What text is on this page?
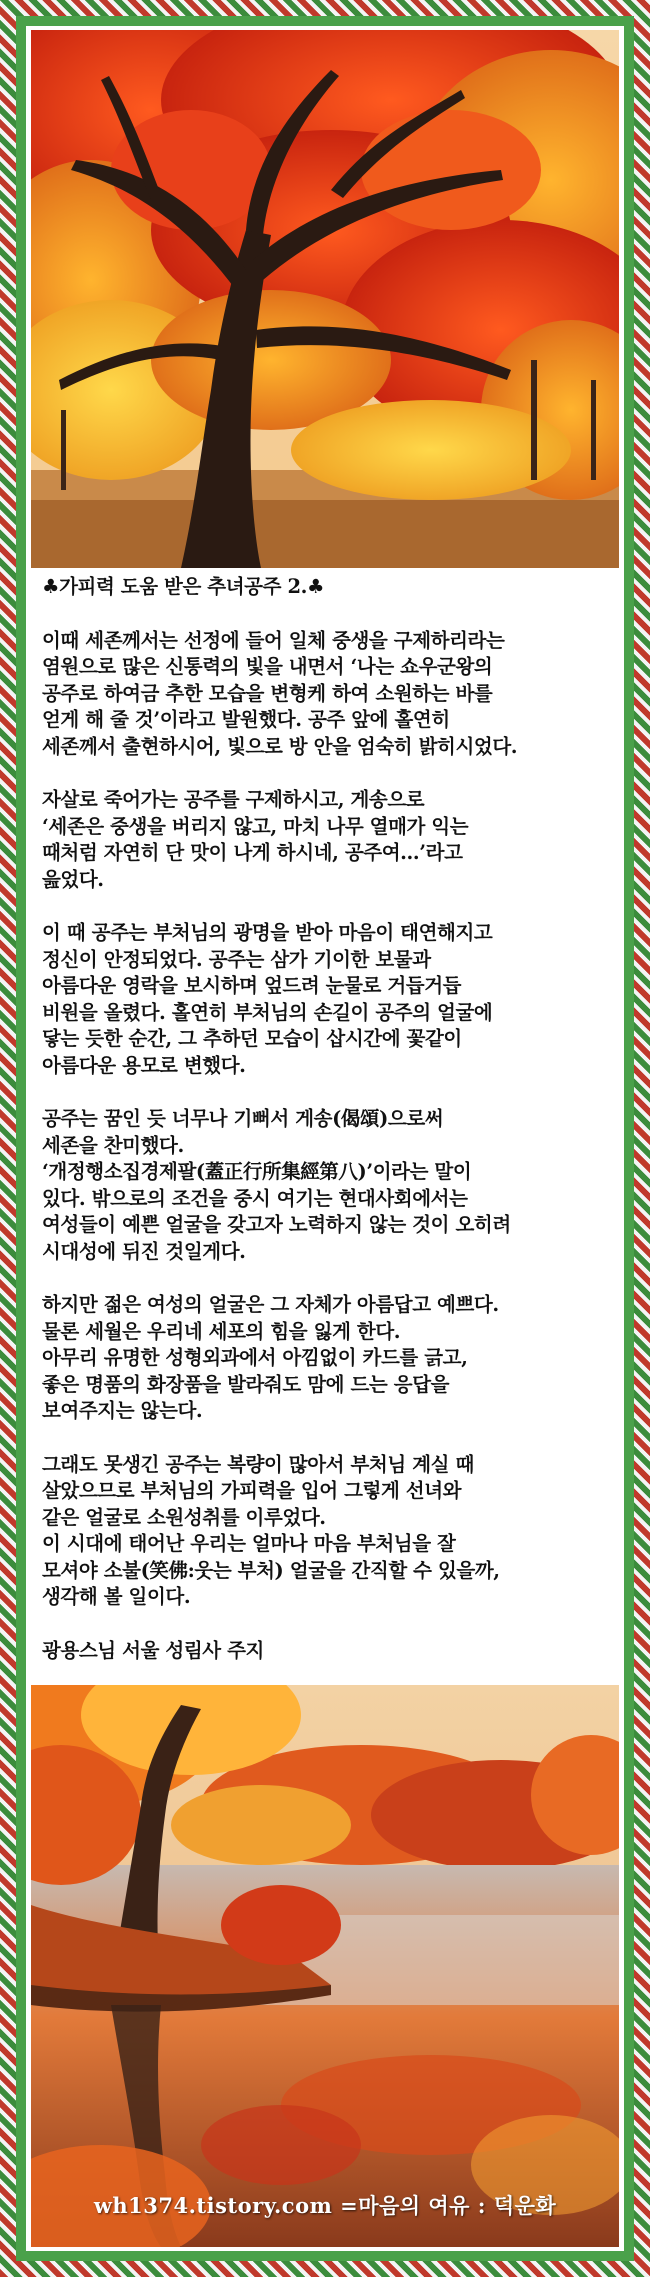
♣가피력 도움 받은 추녀공주 2.♣

이때 세존께서는 선정에 들어 일체 중생을 구제하리라는
염원으로 많은 신통력의 빛을 내면서 ‘나는 쇼우군왕의
공주로 하여금 추한 모습을 변형케 하여 소원하는 바를
얻게 해 줄 것’이라고 발원했다. 공주 앞에 홀연히
세존께서 출현하시어, 빛으로 방 안을 엄숙히 밝히시었다.

자살로 죽어가는 공주를 구제하시고, 게송으로
‘세존은 중생을 버리지 않고, 마치 나무 열매가 익는
때처럼 자연히 단 맛이 나게 하시네, 공주여…’라고
읊었다.

이 때 공주는 부처님의 광명을 받아 마음이 태연해지고
정신이 안정되었다. 공주는 삼가 기이한 보물과
아름다운 영락을 보시하며 엎드려 눈물로 거듭거듭
비원을 올렸다. 홀연히 부처님의 손길이 공주의 얼굴에
닿는 듯한 순간, 그 추하던 모습이 삽시간에 꽃같이
아름다운 용모로 변했다.

공주는 꿈인 듯 너무나 기뻐서 게송(偈頌)으로써
세존을 찬미했다.
‘개정행소집경제팔(蓋正行所集經第八)’이라는 말이
있다. 밖으로의 조건을 중시 여기는 현대사회에서는
여성들이 예쁜 얼굴을 갖고자 노력하지 않는 것이 오히려
시대성에 뒤진 것일게다.

하지만 젊은 여성의 얼굴은 그 자체가 아름답고 예쁘다.
물론 세월은 우리네 세포의 힘을 잃게 한다.
아무리 유명한 성형외과에서 아낌없이 카드를 긁고,
좋은 명품의 화장품을 발라줘도 맘에 드는 응답을
보여주지는 않는다.

그래도 못생긴 공주는 복량이 많아서 부처님 계실 때
살았으므로 부처님의 가피력을 입어 그렇게 선녀와
같은 얼굴로 소원성취를 이루었다.
이 시대에 태어난 우리는 얼마나 마음 부처님을 잘
모셔야 소불(笑佛:웃는 부처) 얼굴을 간직할 수 있을까,
생각해 볼 일이다.

광용스님 서울 성림사 주지

wh1374.tistory.com =마음의 여유 : 덕운화
